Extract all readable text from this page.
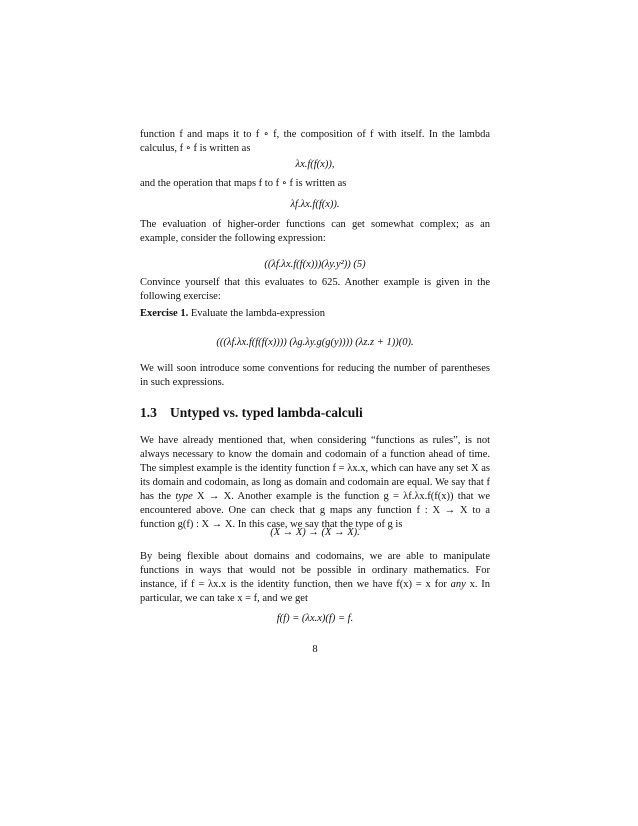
function f and maps it to f ∘ f, the composition of f with itself. In the lambda calculus, f ∘ f is written as

λx.f(f(x)),

and the operation that maps f to f ∘ f is written as

λf.λx.f(f(x)).

The evaluation of higher-order functions can get somewhat complex; as an example, consider the following expression:

((λf.λx.f(f(x)))(λy.y²)) (5)

Convince yourself that this evaluates to 625. Another example is given in the following exercise:

Exercise 1. Evaluate the lambda-expression

(((λf.λx.f(f(f(x)))) (λg.λy.g(g(y)))) (λz.z + 1))(0).

We will soon introduce some conventions for reducing the number of parentheses in such expressions.

1.3 Untyped vs. typed lambda-calculi

We have already mentioned that, when considering “functions as rules”, is not always necessary to know the domain and codomain of a function ahead of time. The simplest example is the identity function f = λx.x, which can have any set X as its domain and codomain, as long as domain and codomain are equal. We say that f has the type X → X. Another example is the function g = λf.λx.f(f(x)) that we encountered above. One can check that g maps any function f : X → X to a function g(f) : X → X. In this case, we say that the type of g is

(X → X) → (X → X).

By being flexible about domains and codomains, we are able to manipulate functions in ways that would not be possible in ordinary mathematics. For instance, if f = λx.x is the identity function, then we have f(x) = x for any x. In particular, we can take x = f, and we get

f(f) = (λx.x)(f) = f.
8
